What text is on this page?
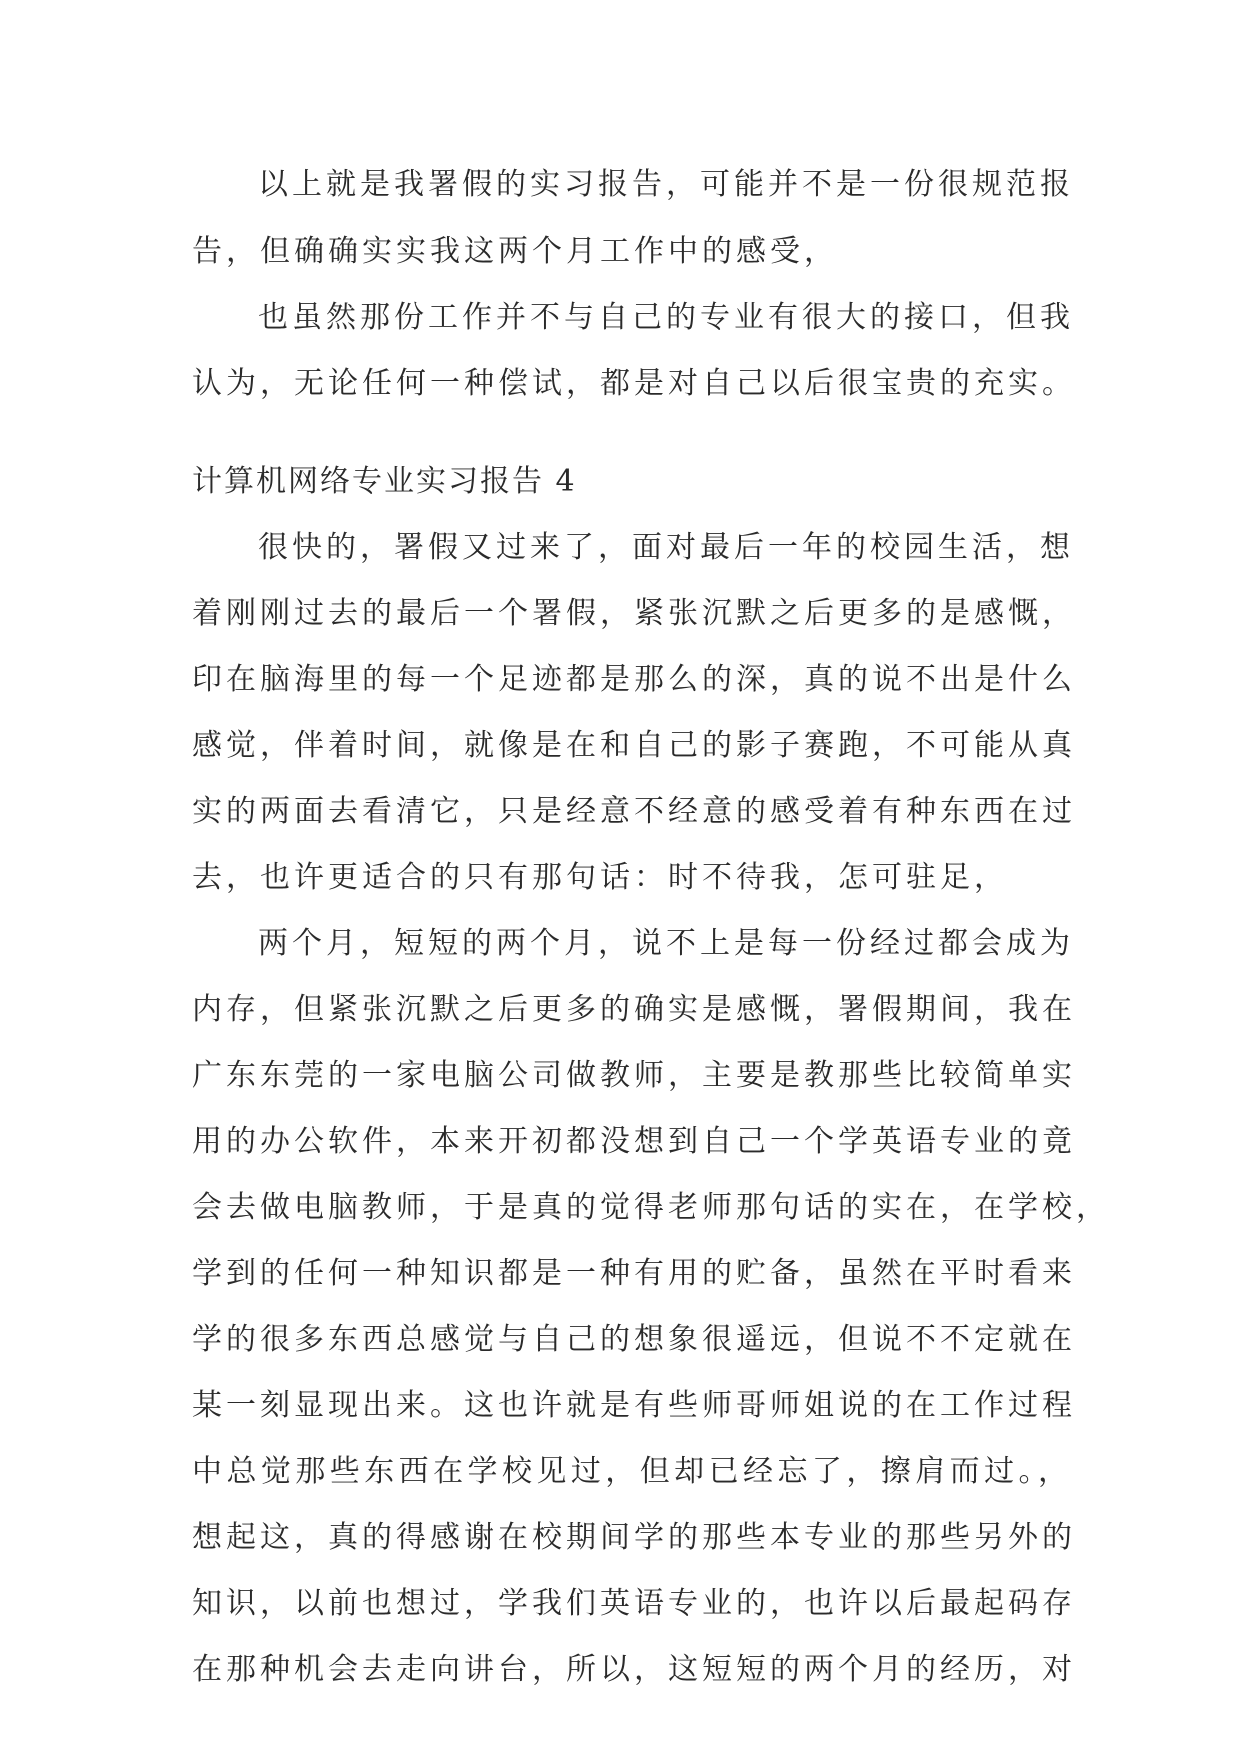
以上就是我署假的实习报告，可能并不是一份很规范报
告，但确确实实我这两个月工作中的感受，
也虽然那份工作并不与自己的专业有很大的接口，但我
认为，无论任何一种偿试，都是对自己以后很宝贵的充实。
计算机网络专业实习报告 4
很快的，署假又过来了，面对最后一年的校园生活，想
着刚刚过去的最后一个署假，紧张沉默之后更多的是感慨，
印在脑海里的每一个足迹都是那么的深，真的说不出是什么
感觉，伴着时间，就像是在和自己的影子赛跑，不可能从真
实的两面去看清它，只是经意不经意的感受着有种东西在过
去，也许更适合的只有那句话：时不待我，怎可驻足，
两个月，短短的两个月，说不上是每一份经过都会成为
内存，但紧张沉默之后更多的确实是感慨，署假期间，我在
广东东莞的一家电脑公司做教师，主要是教那些比较简单实
用的办公软件，本来开初都没想到自己一个学英语专业的竟
会去做电脑教师，于是真的觉得老师那句话的实在，在学校，
学到的任何一种知识都是一种有用的贮备，虽然在平时看来
学的很多东西总感觉与自己的想象很遥远，但说不不定就在
某一刻显现出来。这也许就是有些师哥师姐说的在工作过程
中总觉那些东西在学校见过，但却已经忘了，擦肩而过。，
想起这，真的得感谢在校期间学的那些本专业的那些另外的
知识，以前也想过，学我们英语专业的，也许以后最起码存
在那种机会去走向讲台，所以，这短短的两个月的经历，对
